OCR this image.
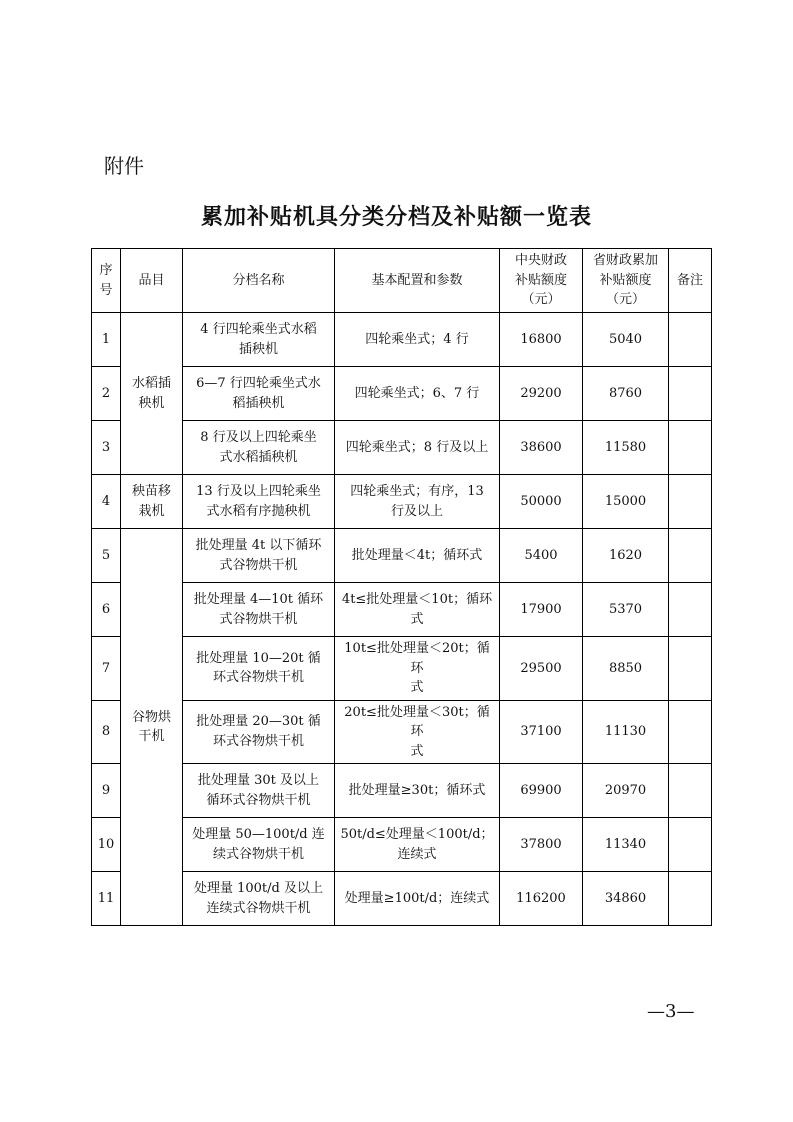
附件
累加补贴机具分类分档及补贴额一览表
序
号	品目	分档名称	基本配置和参数	中央财政
补贴额度
（元）	省财政累加
补贴额度
（元）	备注

1	水稻插
秧机	4 行四轮乘坐式水稻
插秧机	四轮乘坐式；4 行	16800	5040	
2		6—7 行四轮乘坐式水
稻插秧机	四轮乘坐式；6、7 行	29200	8760	
3		8 行及以上四轮乘坐
式水稻插秧机	四轮乘坐式；8 行及以上	38600	11580	
4	秧苗移
栽机	13 行及以上四轮乘坐
式水稻有序抛秧机	四轮乘坐式；有序，13
行及以上	50000	15000	
5	谷物烘
干机	批处理量 4t 以下循环
式谷物烘干机	批处理量＜4t；循环式	5400	1620	
6		批处理量 4—10t 循环
式谷物烘干机	4t≤批处理量＜10t；循环
式	17900	5370	
7		批处理量 10—20t 循
环式谷物烘干机	10t≤批处理量＜20t；循环
式	29500	8850	
8		批处理量 20—30t 循
环式谷物烘干机	20t≤批处理量＜30t；循环
式	37100	11130	
9		批处理量 30t 及以上
循环式谷物烘干机	批处理量≥30t；循环式	69900	20970	
10		处理量 50—100t/d 连
续式谷物烘干机	50t/d≤处理量＜100t/d；
连续式	37800	11340	
11		处理量 100t/d 及以上
连续式谷物烘干机	处理量≥100t/d；连续式	116200	34860	
—3—
